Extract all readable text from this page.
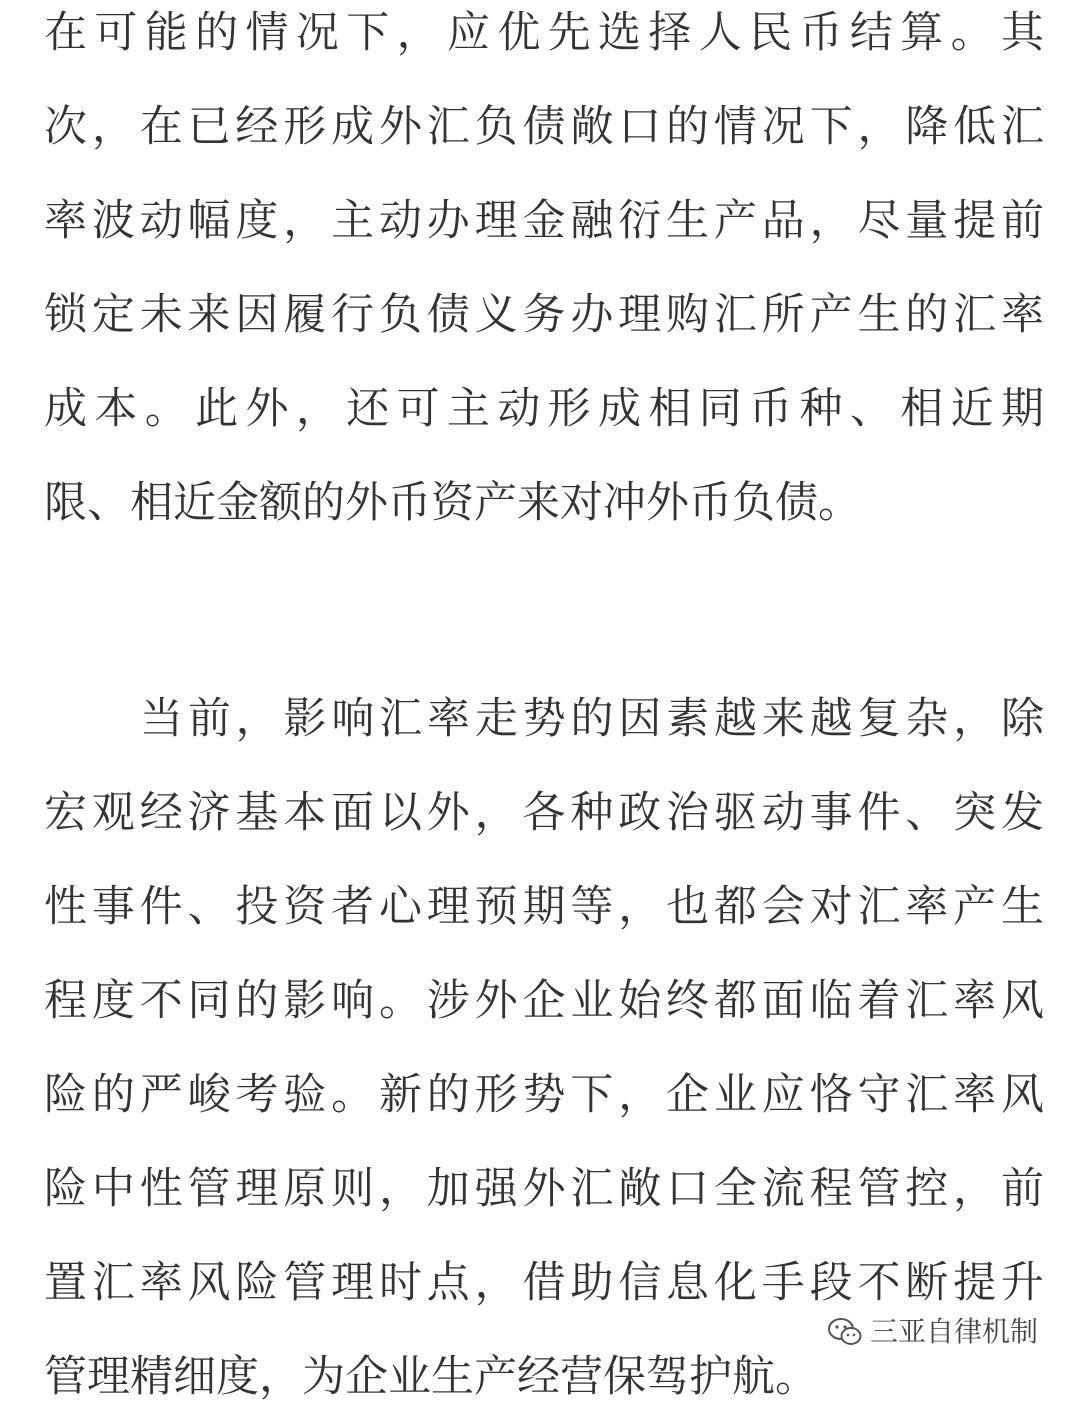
在可能的情况下，应优先选择人民币结算。其
次，在已经形成外汇负债敞口的情况下，降低汇
率波动幅度，主动办理金融衍生产品，尽量提前
锁定未来因履行负债义务办理购汇所产生的汇率
成本。此外，还可主动形成相同币种、相近期
限、相近金额的外币资产来对冲外币负债。
当前，影响汇率走势的因素越来越复杂，除
宏观经济基本面以外，各种政治驱动事件、突发
性事件、投资者心理预期等，也都会对汇率产生
程度不同的影响。涉外企业始终都面临着汇率风
险的严峻考验。新的形势下，企业应恪守汇率风
险中性管理原则，加强外汇敞口全流程管控，前
置汇率风险管理时点，借助信息化手段不断提升
管理精细度，为企业生产经营保驾护航。
三亚自律机制
